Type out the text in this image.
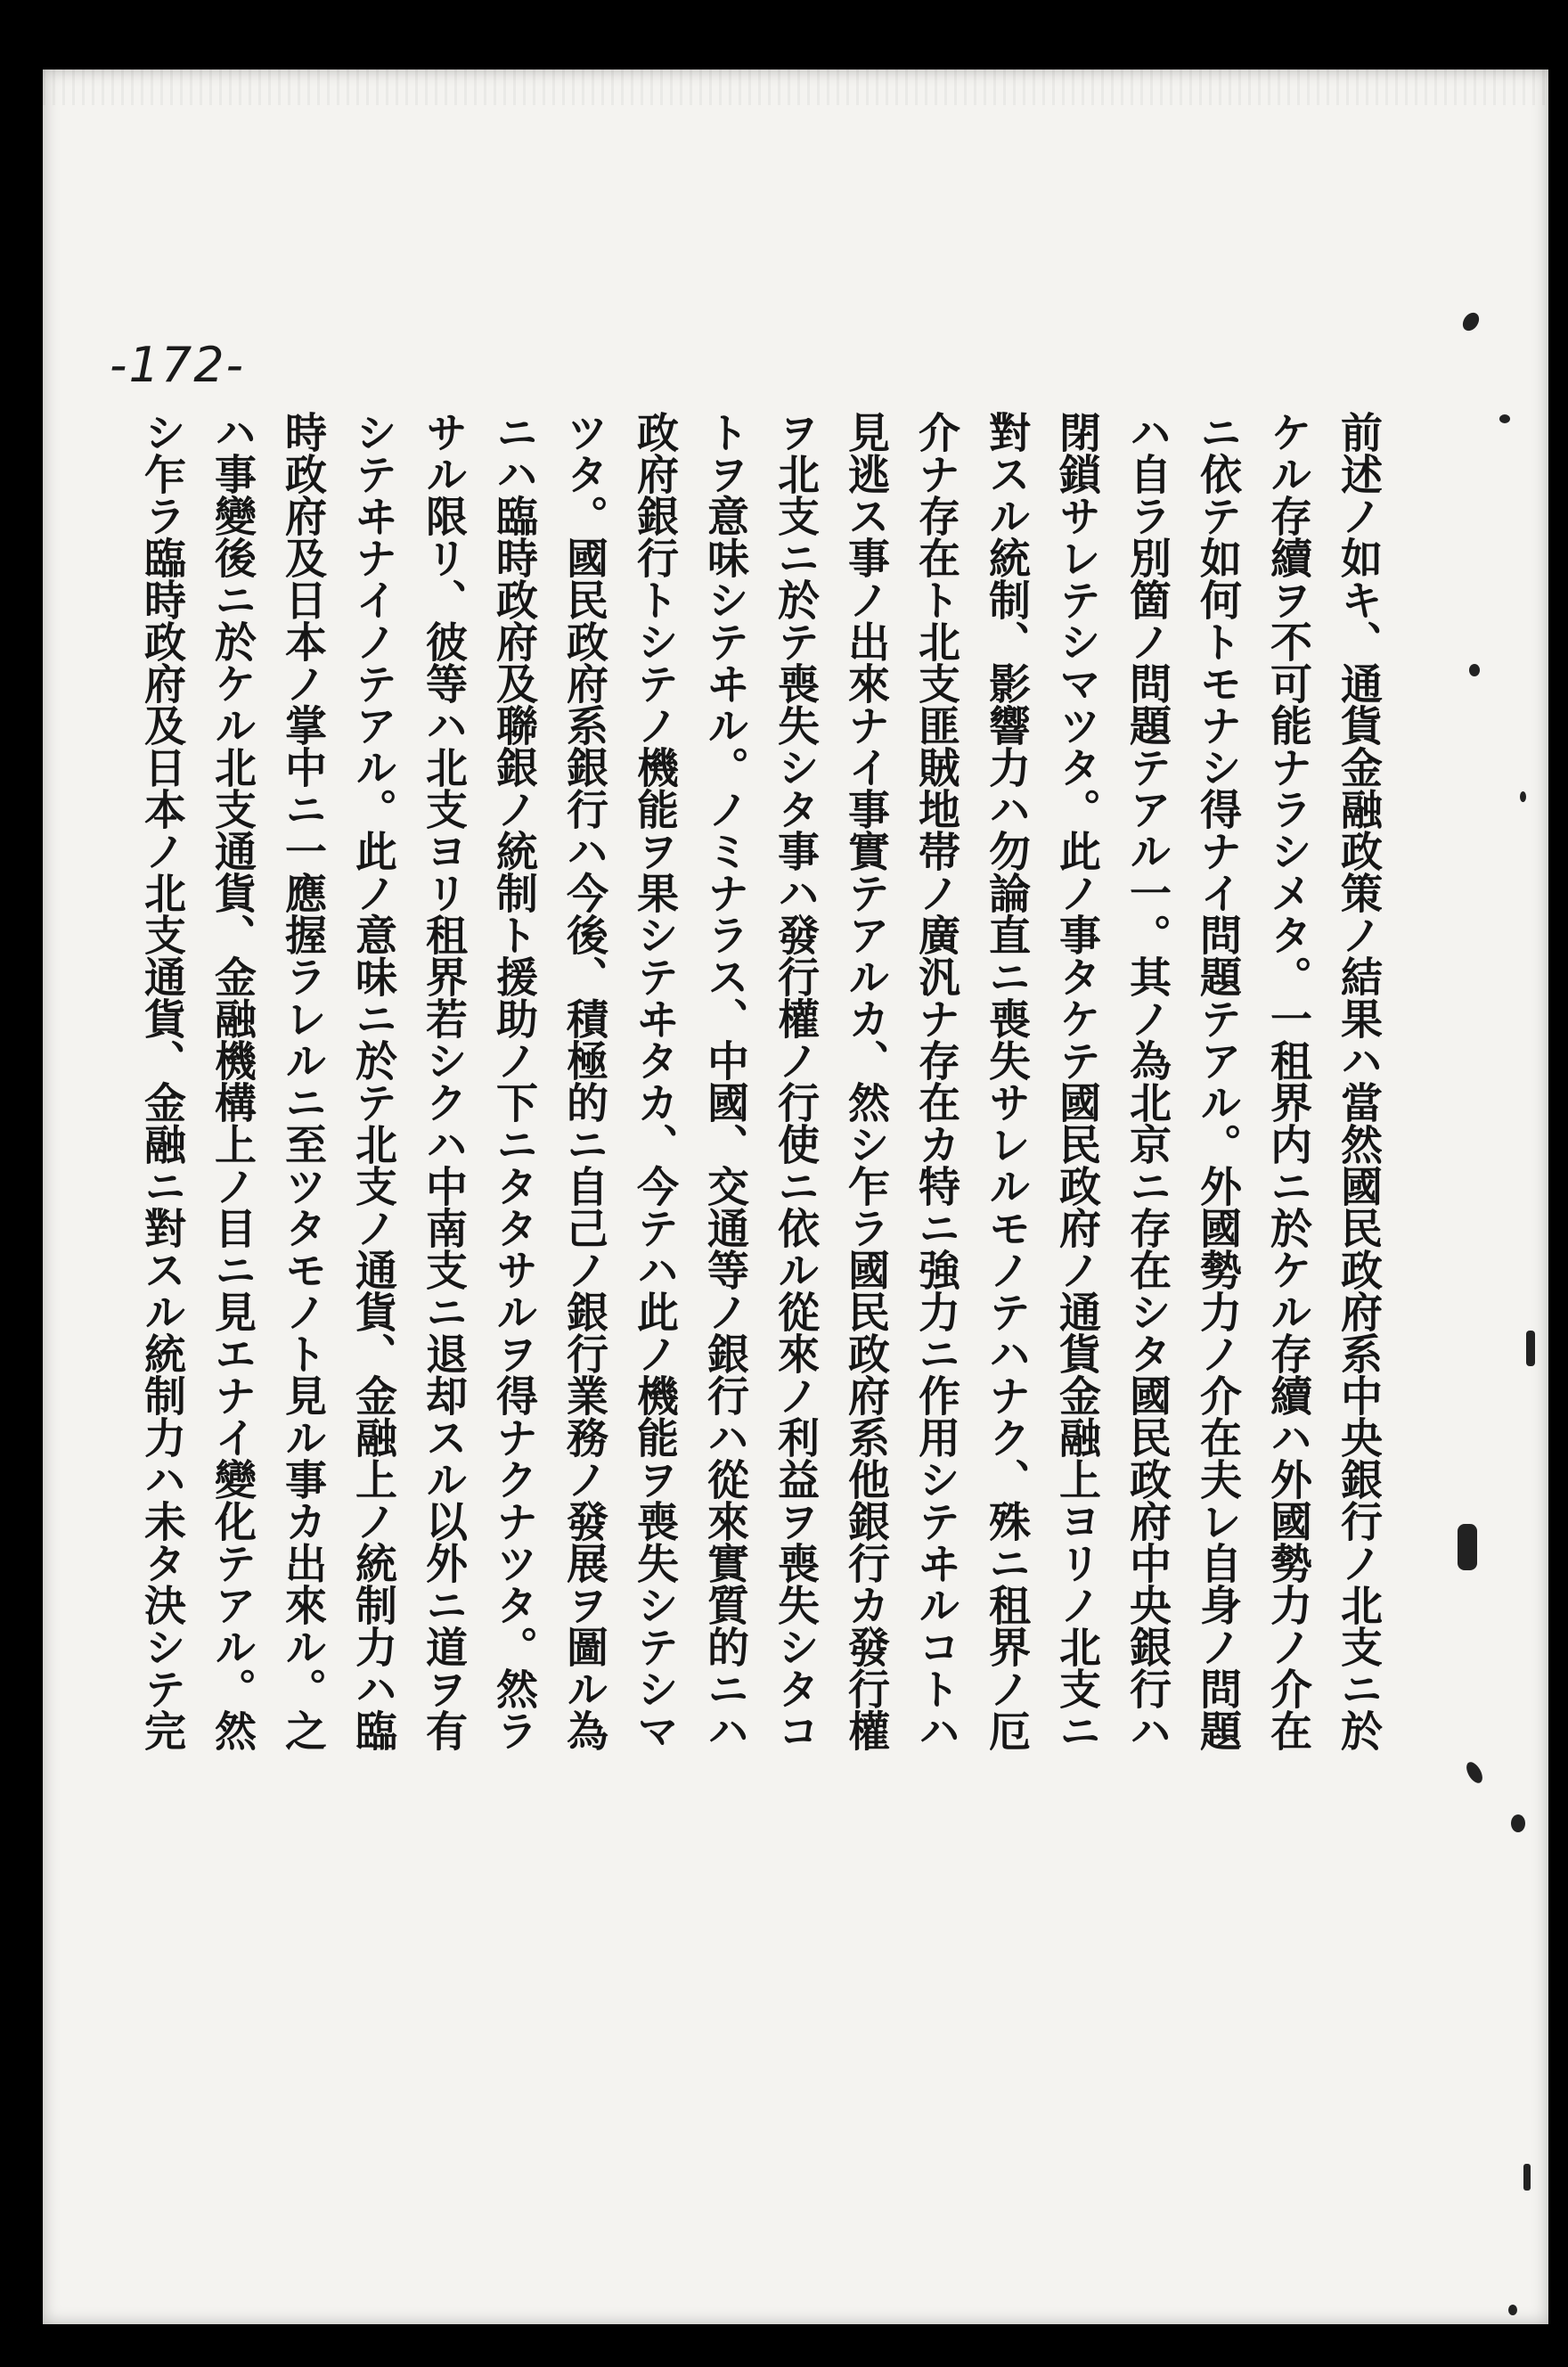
-172-
前述ノ如キ、通貨金融政策ノ結果ハ當然國民政府系中央銀行ノ北支ニ於
ケル存續ヲ不可能ナラシメタ。一租界内ニ於ケル存續ハ外國勢力ノ介在
ニ依テ如何トモナシ得ナイ問題テアル。外國勢力ノ介在夫レ自身ノ問題
ハ自ラ別箇ノ問題テアル一。其ノ為北京ニ存在シタ國民政府中央銀行ハ
閉鎖サレテシマツタ。此ノ事タケテ國民政府ノ通貨金融上ヨリノ北支ニ
對スル統制、影響力ハ勿論直ニ喪失サレルモノテハナク、殊ニ租界ノ厄
介ナ存在ト北支匪賊地帯ノ廣汎ナ存在カ特ニ強力ニ作用シテヰルコトハ
見逃ス事ノ出來ナイ事實テアルカ、然シ乍ラ國民政府系他銀行カ發行權
ヲ北支ニ於テ喪失シタ事ハ發行權ノ行使ニ依ル從來ノ利益ヲ喪失シタコ
トヲ意味シテヰル。ノミナラス、中國、交通等ノ銀行ハ從來實質的ニハ
政府銀行トシテノ機能ヲ果シテヰタカ、今テハ此ノ機能ヲ喪失シテシマ
ツタ。國民政府系銀行ハ今後、積極的ニ自己ノ銀行業務ノ發展ヲ圖ル為
ニハ臨時政府及聯銀ノ統制ト援助ノ下ニタタサルヲ得ナクナツタ。然ラ
サル限リ、彼等ハ北支ヨリ租界若シクハ中南支ニ退却スル以外ニ道ヲ有
シテヰナイノテアル。此ノ意味ニ於テ北支ノ通貨、金融上ノ統制力ハ臨
時政府及日本ノ掌中ニ一應握ラレルニ至ツタモノト見ル事カ出來ル。之
ハ事變後ニ於ケル北支通貨、金融機構上ノ目ニ見エナイ變化テアル。然
シ乍ラ臨時政府及日本ノ北支通貨、金融ニ對スル統制力ハ未タ決シテ完
